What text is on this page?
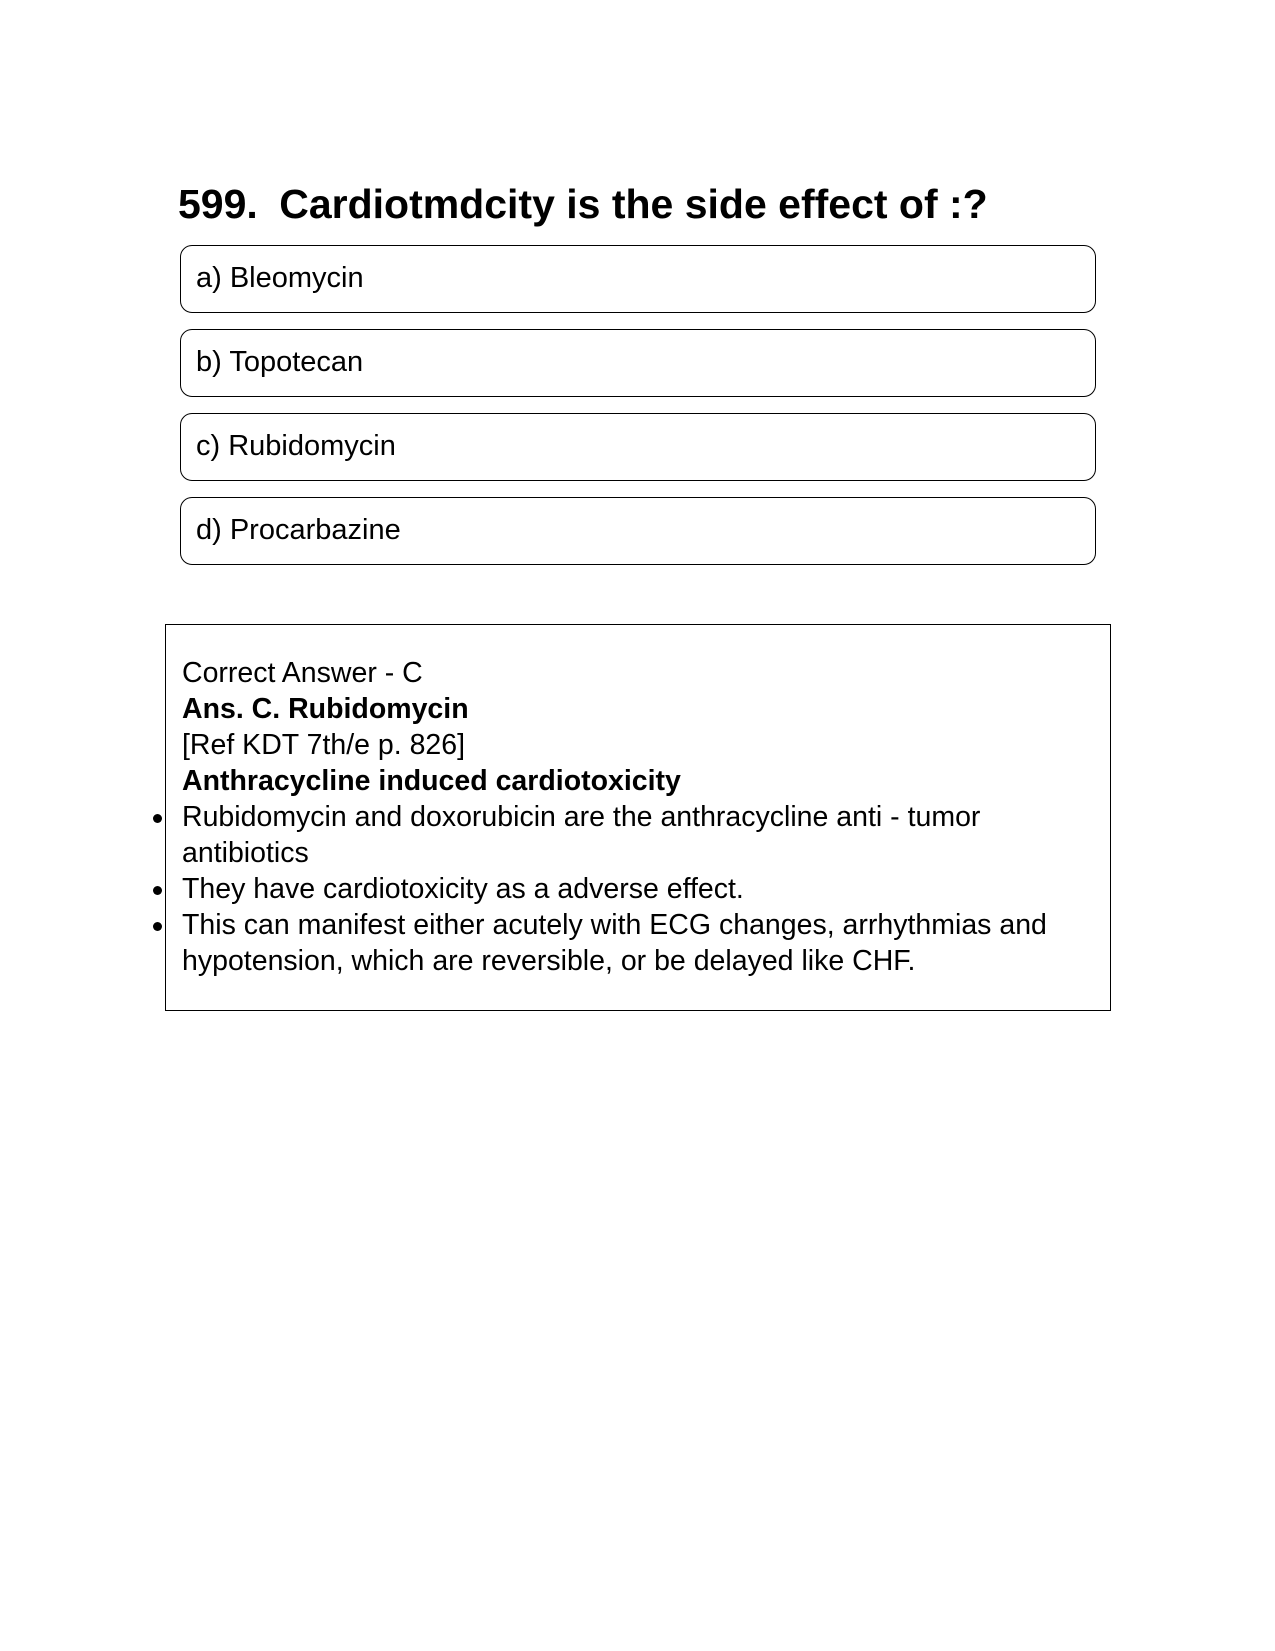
599. Cardiotmdcity is the side effect of :?
a) Bleomycin
b) Topotecan
c) Rubidomycin
d) Procarbazine
Correct Answer - C
Ans. C. Rubidomycin
[Ref KDT 7th/e p. 826]
Anthracycline induced cardiotoxicity
Rubidomycin and doxorubicin are the anthracycline anti - tumor
antibiotics
They have cardiotoxicity as a adverse effect.
This can manifest either acutely with ECG changes, arrhythmias and
hypotension, which are reversible, or be delayed like CHF.
